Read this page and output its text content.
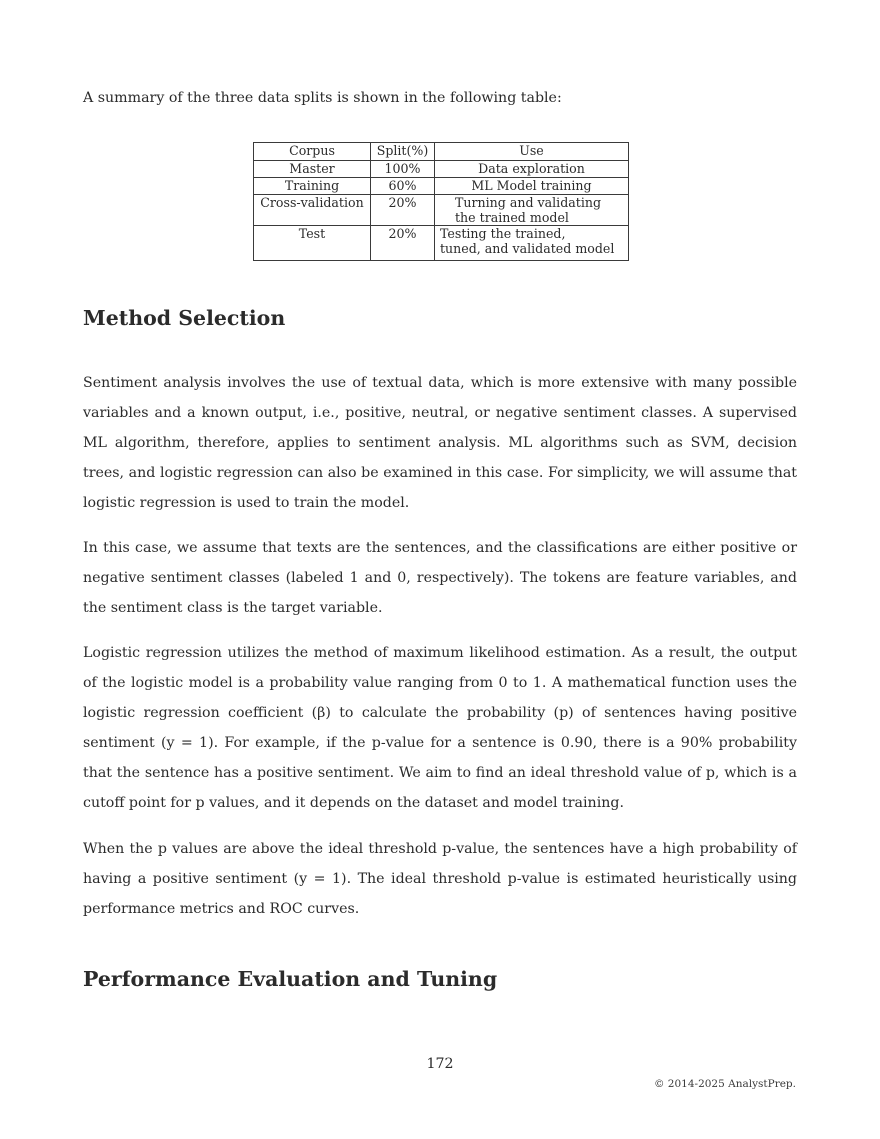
A summary of the three data splits is shown in the following table:

Corpus	Split(%)	Use
Master	100%	Data exploration
Training	60%	ML Model training
Cross-validation	20%	Turning and validating
the trained model
Test	20%	Testing the trained,
tuned, and validated model
Method Selection

Sentiment analysis involves the use of textual data, which is more extensive with many possible variables and a known output, i.e., positive, neutral, or negative sentiment classes. A supervised ML algorithm, therefore, applies to sentiment analysis. ML algorithms such as SVM, decision trees, and logistic regression can also be examined in this case. For simplicity, we will assume that logistic regression is used to train the model.

In this case, we assume that texts are the sentences, and the classifications are either positive or negative sentiment classes (labeled 1 and 0, respectively). The tokens are feature variables, and the sentiment class is the target variable.

Logistic regression utilizes the method of maximum likelihood estimation. As a result, the output of the logistic model is a probability value ranging from 0 to 1. A mathematical function uses the logistic regression coefficient (β) to calculate the probability (p) of sentences having positive sentiment (y = 1). For example, if the p-value for a sentence is 0.90, there is a 90% probability that the sentence has a positive sentiment. We aim to find an ideal threshold value of p, which is a cutoff point for p values, and it depends on the dataset and model training.

When the p values are above the ideal threshold p-value, the sentences have a high probability of having a positive sentiment (y = 1). The ideal threshold p-value is estimated heuristically using performance metrics and ROC curves.

Performance Evaluation and Tuning
172
© 2014-2025 AnalystPrep.
